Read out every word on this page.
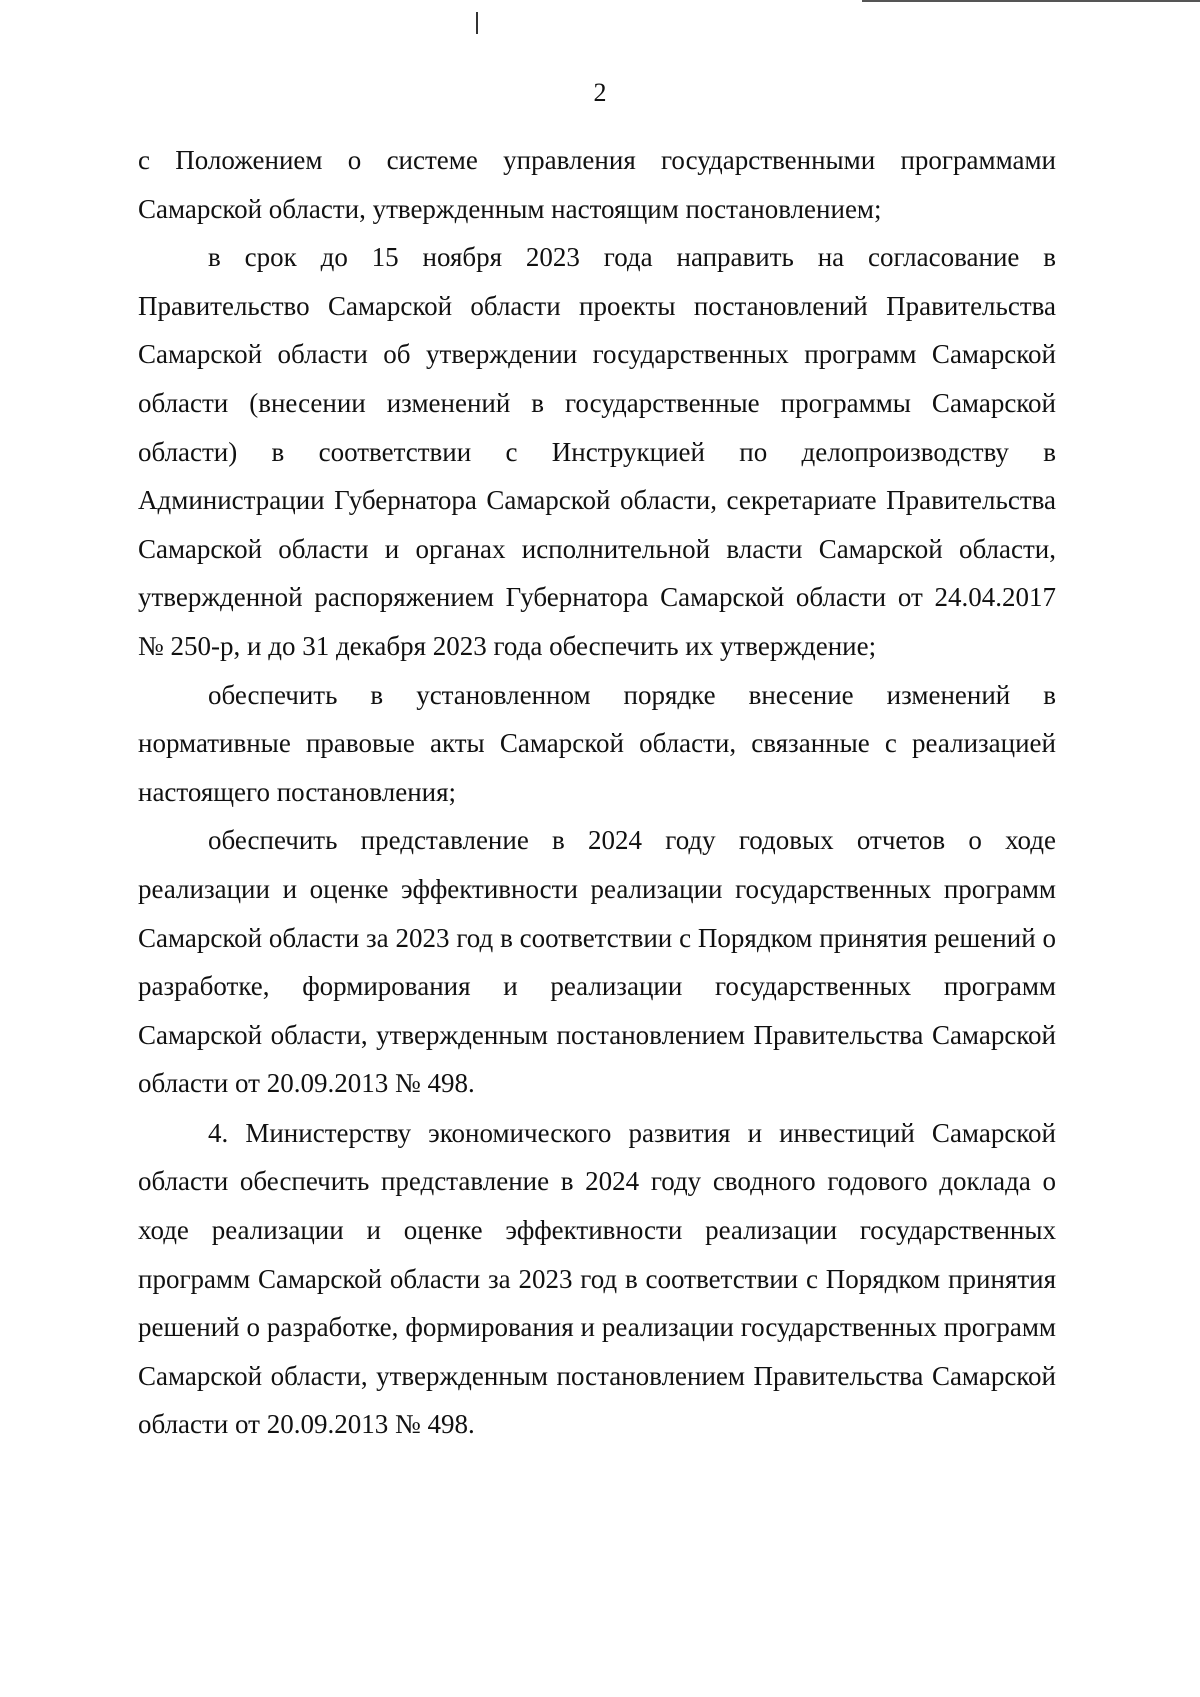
2

с Положением о системе управления государственными программами Самарской области, утвержденным настоящим постановлением;

в срок до 15 ноября 2023 года направить на согласование в Правительство Самарской области проекты постановлений Правительства Самарской области об утверждении государственных программ Самарской области (внесении изменений в государственные программы Самарской области) в соответствии с Инструкцией по делопроизводству в Администрации Губернатора Самарской области, секретариате Правительства Самарской области и органах исполнительной власти Самарской области, утвержденной распоряжением Губернатора Самарской области от 24.04.2017 № 250-р, и до 31 декабря 2023 года обеспечить их утверждение;

обеспечить в установленном порядке внесение изменений в нормативные правовые акты Самарской области, связанные с реализацией настоящего постановления;

обеспечить представление в 2024 году годовых отчетов о ходе реализации и оценке эффективности реализации государственных программ Самарской области за 2023 год в соответствии с Порядком принятия решений о разработке, формирования и реализации государственных программ Самарской области, утвержденным постановлением Правительства Самарской области от 20.09.2013 № 498.

4. Министерству экономического развития и инвестиций Самарской области обеспечить представление в 2024 году сводного годового доклада о ходе реализации и оценке эффективности реализации государственных программ Самарской области за 2023 год в соответствии с Порядком принятия решений о разработке, формирования и реализации государственных программ Самарской области, утвержденным постановлением Правительства Самарской области от 20.09.2013 № 498.
